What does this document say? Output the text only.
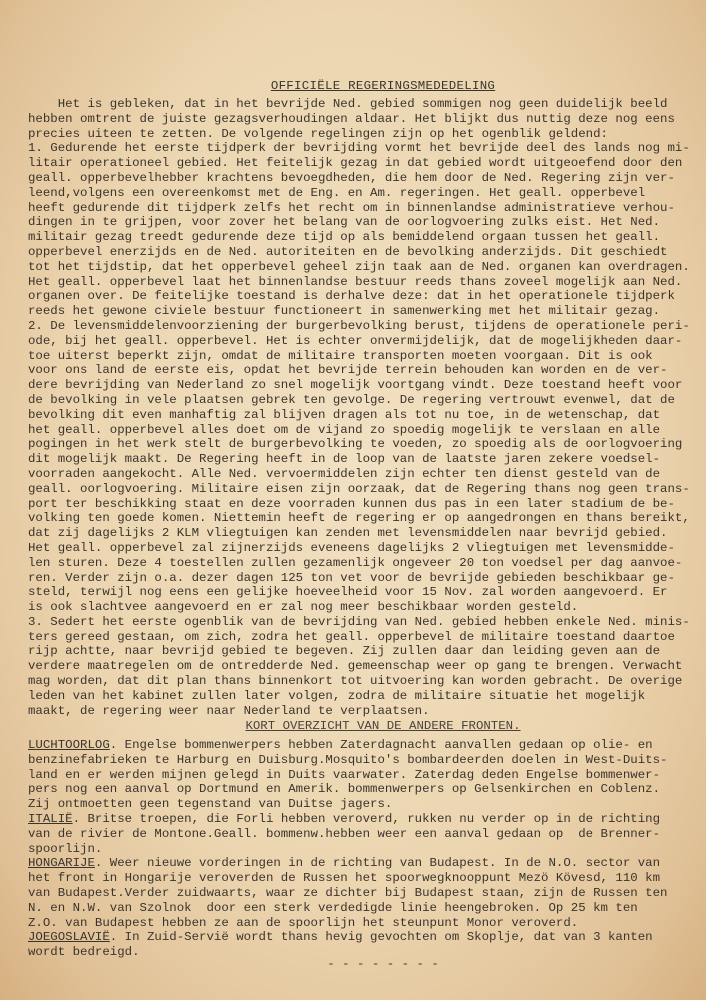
OFFICIËLE REGERINGSMEDEDELING
Het is gebleken, dat in het bevrijde Ned. gebied sommigen nog geen duidelijk beeld
hebben omtrent de juiste gezagsverhoudingen aldaar. Het blijkt dus nuttig deze nog eens
precies uiteen te zetten. De volgende regelingen zijn op het ogenblik geldend:
1. Gedurende het eerste tijdperk der bevrijding vormt het bevrijde deel des lands nog mi-
litair operationeel gebied. Het feitelijk gezag in dat gebied wordt uitgeoefend door den
geall. opperbevelhebber krachtens bevoegdheden, die hem door de Ned. Regering zijn ver-
leend,volgens een overeenkomst met de Eng. en Am. regeringen. Het geall. opperbevel
heeft gedurende dit tijdperk zelfs het recht om in binnenlandse administratieve verhou-
dingen in te grijpen, voor zover het belang van de oorlogvoering zulks eist. Het Ned.
militair gezag treedt gedurende deze tijd op als bemiddelend orgaan tussen het geall.
opperbevel enerzijds en de Ned. autoriteiten en de bevolking anderzijds. Dit geschiedt
tot het tijdstip, dat het opperbevel geheel zijn taak aan de Ned. organen kan overdragen.
Het geall. opperbevel laat het binnenlandse bestuur reeds thans zoveel mogelijk aan Ned.
organen over. De feitelijke toestand is derhalve deze: dat in het operationele tijdperk
reeds het gewone civiele bestuur functioneert in samenwerking met het militair gezag.
2. De levensmiddelenvoorziening der burgerbevolking berust, tijdens de operationele peri-
ode, bij het geall. opperbevel. Het is echter onvermijdelijk, dat de mogelijkheden daar-
toe uiterst beperkt zijn, omdat de militaire transporten moeten voorgaan. Dit is ook
voor ons land de eerste eis, opdat het bevrijde terrein behouden kan worden en de ver-
dere bevrijding van Nederland zo snel mogelijk voortgang vindt. Deze toestand heeft voor
de bevolking in vele plaatsen gebrek ten gevolge. De regering vertrouwt evenwel, dat de
bevolking dit even manhaftig zal blijven dragen als tot nu toe, in de wetenschap, dat
het geall. opperbevel alles doet om de vijand zo spoedig mogelijk te verslaan en alle
pogingen in het werk stelt de burgerbevolking te voeden, zo spoedig als de oorlogvoering
dit mogelijk maakt. De Regering heeft in de loop van de laatste jaren zekere voedsel-
voorraden aangekocht. Alle Ned. vervoermiddelen zijn echter ten dienst gesteld van de
geall. oorlogvoering. Militaire eisen zijn oorzaak, dat de Regering thans nog geen trans-
port ter beschikking staat en deze voorraden kunnen dus pas in een later stadium de be-
volking ten goede komen. Niettemin heeft de regering er op aangedrongen en thans bereikt,
dat zij dagelijks 2 KLM vliegtuigen kan zenden met levensmiddelen naar bevrijd gebied.
Het geall. opperbevel zal zijnerzijds eveneens dagelijks 2 vliegtuigen met levensmidde-
len sturen. Deze 4 toestellen zullen gezamenlijk ongeveer 20 ton voedsel per dag aanvoe-
ren. Verder zijn o.a. dezer dagen 125 ton vet voor de bevrijde gebieden beschikbaar ge-
steld, terwijl nog eens een gelijke hoeveelheid voor 15 Nov. zal worden aangevoerd. Er
is ook slachtvee aangevoerd en er zal nog meer beschikbaar worden gesteld.
3. Sedert het eerste ogenblik van de bevrijding van Ned. gebied hebben enkele Ned. minis-
ters gereed gestaan, om zich, zodra het geall. opperbevel de militaire toestand daartoe
rijp achtte, naar bevrijd gebied te begeven. Zij zullen daar dan leiding geven aan de
verdere maatregelen om de ontredderde Ned. gemeenschap weer op gang te brengen. Verwacht
mag worden, dat dit plan thans binnenkort tot uitvoering kan worden gebracht. De overige
leden van het kabinet zullen later volgen, zodra de militaire situatie het mogelijk
maakt, de regering weer naar Nederland te verplaatsen.
KORT OVERZICHT VAN DE ANDERE FRONTEN.
LUCHTOORLOG. Engelse bommenwerpers hebben Zaterdagnacht aanvallen gedaan op olie- en
benzinefabrieken te Harburg en Duisburg.Mosquito's bombardeerden doelen in West-Duits-
land en er werden mijnen gelegd in Duits vaarwater. Zaterdag deden Engelse bommenwer-
pers nog een aanval op Dortmund en Amerik. bommenwerpers op Gelsenkirchen en Coblenz.
Zij ontmoetten geen tegenstand van Duitse jagers.
ITALIË. Britse troepen, die Forli hebben veroverd, rukken nu verder op in de richting
van de rivier de Montone.Geall. bommenw.hebben weer een aanval gedaan op  de Brenner-
spoorlijn.
HONGARIJE. Weer nieuwe vorderingen in de richting van Budapest. In de N.O. sector van
het front in Hongarije veroverden de Russen het spoorwegknooppunt Mezö Kövesd, 110 km
van Budapest.Verder zuidwaarts, waar ze dichter bij Budapest staan, zijn de Russen ten
N. en N.W. van Szolnok  door een sterk verdedigde linie heengebroken. Op 25 km ten
Z.O. van Budapest hebben ze aan de spoorlijn het steunpunt Monor veroverd.
JOEGOSLAVIË. In Zuid-Servië wordt thans hevig gevochten om Skoplje, dat van 3 kanten
wordt bedreigd.
- - - - - - - -
